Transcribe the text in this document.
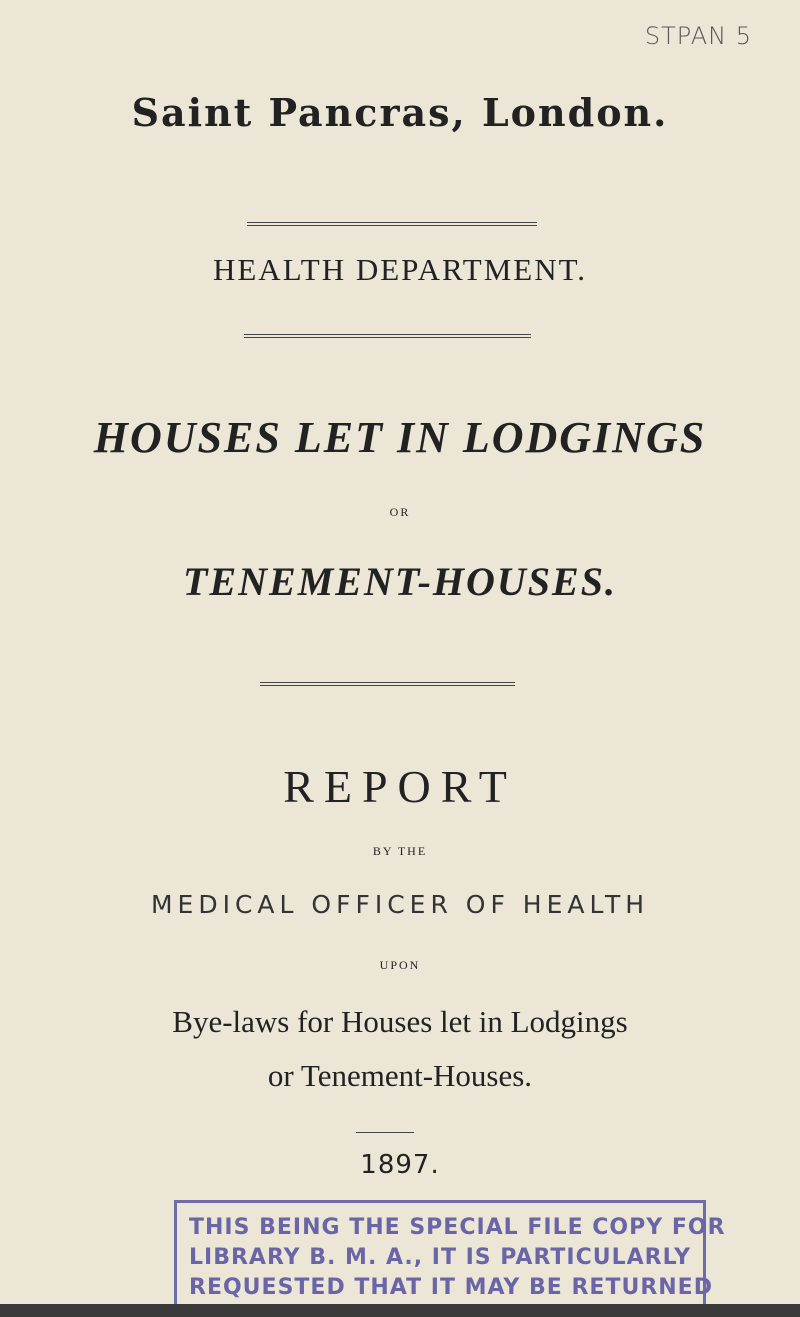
STPAN 5
Saint Pancras, London.
HEALTH DEPARTMENT.
HOUSES LET IN LODGINGS
OR
TENEMENT-HOUSES.
REPORT
BY THE
MEDICAL OFFICER OF HEALTH
UPON
Bye-laws for Houses let in Lodgings
or Tenement-Houses.
1897.
THIS BEING THE SPECIAL FILE COPY FOR
LIBRARY B. M. A., IT IS PARTICULARLY
REQUESTED THAT IT MAY BE RETURNED
